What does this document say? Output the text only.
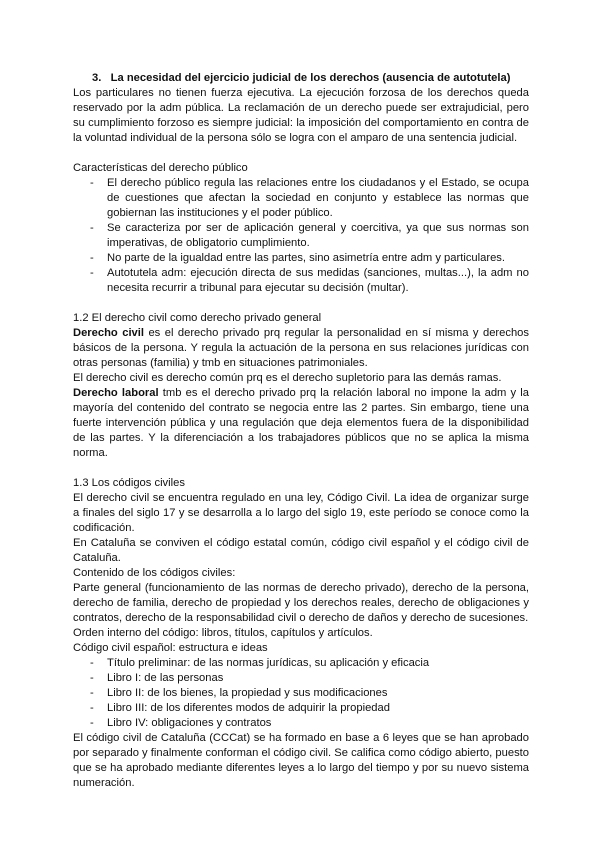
3. La necesidad del ejercicio judicial de los derechos (ausencia de autotutela)

Los particulares no tienen fuerza ejecutiva. La ejecución forzosa de los derechos queda reservado por la adm pública. La reclamación de un derecho puede ser extrajudicial, pero su cumplimiento forzoso es siempre judicial: la imposición del comportamiento en contra de la voluntad individual de la persona sólo se logra con el amparo de una sentencia judicial.

Características del derecho público

- El derecho público regula las relaciones entre los ciudadanos y el Estado, se ocupa de cuestiones que afectan la sociedad en conjunto y establece las normas que gobiernan las instituciones y el poder público.
- Se caracteriza por ser de aplicación general y coercitiva, ya que sus normas son imperativas, de obligatorio cumplimiento.
- No parte de la igualdad entre las partes, sino asimetría entre adm y particulares.
- Autotutela adm: ejecución directa de sus medidas (sanciones, multas...), la adm no necesita recurrir a tribunal para ejecutar su decisión (multar).

1.2 El derecho civil como derecho privado general

Derecho civil es el derecho privado prq regular la personalidad en sí misma y derechos básicos de la persona. Y regula la actuación de la persona en sus relaciones jurídicas con otras personas (familia) y tmb en situaciones patrimoniales.

El derecho civil es derecho común prq es el derecho supletorio para las demás ramas.

Derecho laboral tmb es el derecho privado prq la relación laboral no impone la adm y la mayoría del contenido del contrato se negocia entre las 2 partes. Sin embargo, tiene una fuerte intervención pública y una regulación que deja elementos fuera de la disponibilidad de las partes. Y la diferenciación a los trabajadores públicos que no se aplica la misma norma.

1.3 Los códigos civiles

El derecho civil se encuentra regulado en una ley, Código Civil. La idea de organizar surge a finales del siglo 17 y se desarrolla a lo largo del siglo 19, este período se conoce como la codificación.

En Cataluña se conviven el código estatal común, código civil español y el código civil de Cataluña.

Contenido de los códigos civiles:

Parte general (funcionamiento de las normas de derecho privado), derecho de la persona, derecho de familia, derecho de propiedad y los derechos reales, derecho de obligaciones y contratos, derecho de la responsabilidad civil o derecho de daños y derecho de sucesiones.

Orden interno del código: libros, títulos, capítulos y artículos.

Código civil español: estructura e ideas

- Título preliminar: de las normas jurídicas, su aplicación y eficacia
- Libro I: de las personas
- Libro II: de los bienes, la propiedad y sus modificaciones
- Libro III: de los diferentes modos de adquirir la propiedad
- Libro IV: obligaciones y contratos

El código civil de Cataluña (CCCat) se ha formado en base a 6 leyes que se han aprobado por separado y finalmente conforman el código civil. Se califica como código abierto, puesto que se ha aprobado mediante diferentes leyes a lo largo del tiempo y por su nuevo sistema numeración.
